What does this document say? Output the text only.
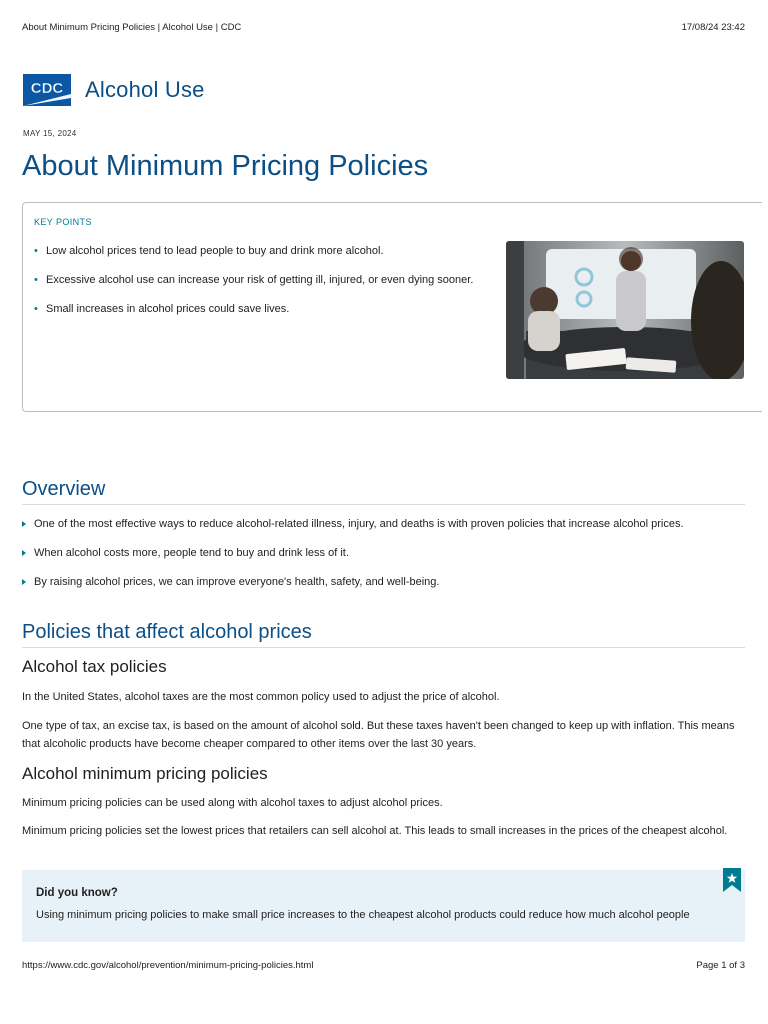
About Minimum Pricing Policies | Alcohol Use | CDC	17/08/24 23:42
CDC Alcohol Use
MAY 15, 2024
About Minimum Pricing Policies
KEY POINTS
• Low alcohol prices tend to lead people to buy and drink more alcohol.
• Excessive alcohol use can increase your risk of getting ill, injured, or even dying sooner.
• Small increases in alcohol prices could save lives.
Overview
One of the most effective ways to reduce alcohol-related illness, injury, and deaths is with proven policies that increase alcohol prices.
When alcohol costs more, people tend to buy and drink less of it.
By raising alcohol prices, we can improve everyone's health, safety, and well-being.
Policies that affect alcohol prices
Alcohol tax policies

In the United States, alcohol taxes are the most common policy used to adjust the price of alcohol.

One type of tax, an excise tax, is based on the amount of alcohol sold. But these taxes haven't been changed to keep up with inflation. This means that alcoholic products have become cheaper compared to other items over the last 30 years.

Alcohol minimum pricing policies

Minimum pricing policies can be used along with alcohol taxes to adjust alcohol prices.

Minimum pricing policies set the lowest prices that retailers can sell alcohol at. This leads to small increases in the prices of the cheapest alcohol.

Did you know?
Using minimum pricing policies to make small price increases to the cheapest alcohol products could reduce how much alcohol people
https://www.cdc.gov/alcohol/prevention/minimum-pricing-policies.html	Page 1 of 3
